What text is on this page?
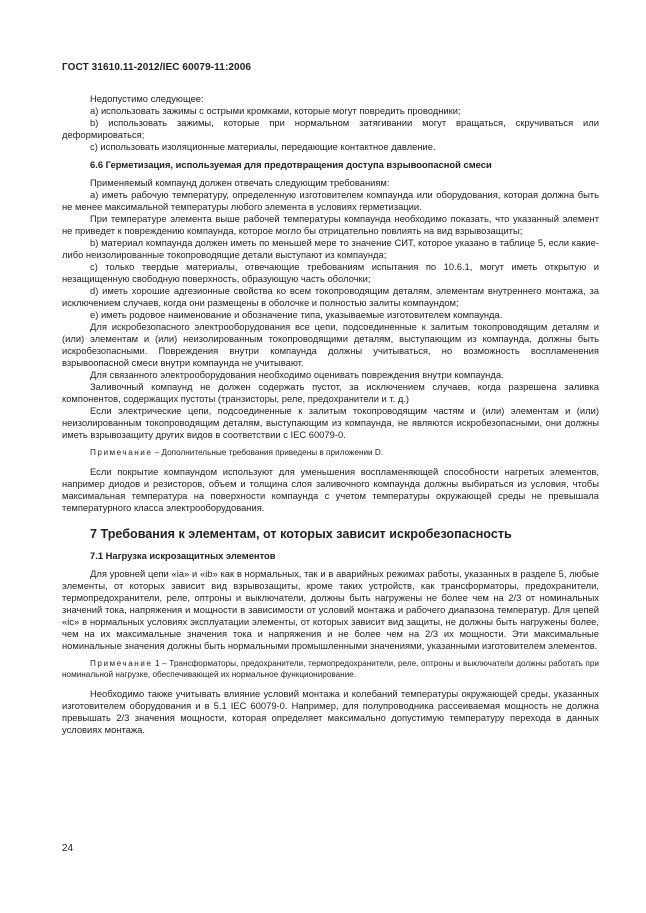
ГОСТ 31610.11-2012/IEC 60079-11:2006

Недопустимо следующее:

a) использовать зажимы с острыми кромками, которые могут повредить проводники;

b) использовать зажимы, которые при нормальном затягивании могут вращаться, скручиваться или деформироваться;

c) использовать изоляционные материалы, передающие контактное давление.

6.6 Герметизация, используемая для предотвращения доступа взрывоопасной смеси

Применяемый компаунд должен отвечать следующим требованиям:

а) иметь рабочую температуру, определенную изготовителем компаунда или оборудования, которая должна быть не менее максимальной температуры любого элемента в условиях герметизации.

При температуре элемента выше рабочей температуры компаунда необходимо показать, что указанный элемент не приведет к повреждению компаунда, которое могло бы отрицательно повлиять на вид взрывозащиты;

b) материал компаунда должен иметь по меньшей мере то значение СИТ, которое указано в таблице 5, если какие-либо неизолированные токопроводящие детали выступают из компаунда;

c) только твердые материалы, отвечающие требованиям испытания по 10.6.1, могут иметь открытую и незащищенную свободную поверхность, образующую часть оболочки;

d) иметь хорошие адгезионные свойства ко всем токопроводящим деталям, элементам внутреннего монтажа, за исключением случаев, когда они размещены в оболочке и полностью залиты компаундом;

e) иметь родовое наименование и обозначение типа, указываемые изготовителем компаунда.

Для искробезопасного электрооборудования все цепи, подсоединенные к залитым токопроводящим деталям и (или) элементам и (или) неизолированным токопроводящими деталям, выступающим из компаунда, должны быть искробезопасными. Повреждения внутри компаунда должны учитываться, но возможность воспламенения взрывоопасной смеси внутри компаунда не учитывают.

Для связанного электрооборудования необходимо оценивать повреждения внутри компаунда.

Заливочный компаунд не должен содержать пустот, за исключением случаев, когда разрешена заливка компонентов, содержащих пустоты (транзисторы, реле, предохранители и т. д.)

Если электрические цепи, подсоединенные к залитым токопроводящим частям и (или) элементам и (или) неизолированным токопроводящим деталям, выступающим из компаунда, не являются искробезопасными, они должны иметь взрывозащиту других видов в соответствии с IEC 60079-0.

Примечание – Дополнительные требования приведены в приложении D.

Если покрытие компаундом используют для уменьшения воспламеняющей способности нагретых элементов, например диодов и резисторов, объем и толщина слоя заливочного компаунда должны выбираться из условия, чтобы максимальная температура на поверхности компаунда с учетом температуры окружающей среды не превышала температурного класса электрооборудования.

7 Требования к элементам, от которых зависит искробезопасность

7.1 Нагрузка искрозащитных элементов

Для уровней цепи «ia» и «ib» как в нормальных, так и в аварийных режимах работы, указанных в разделе 5, любые элементы, от которых зависит вид взрывозащиты, кроме таких устройств, как трансформаторы, предохранители, термопредохранители, реле, оптроны и выключатели, должны быть нагружены не более чем на 2/3 от номинальных значений тока, напряжения и мощности в зависимости от условий монтажа и рабочего диапазона температур. Для цепей «ic» в нормальных условиях эксплуатации элементы, от которых зависит вид защиты, не должны быть нагружены более, чем на их максимальные значения тока и напряжения и не более чем на 2/3 их мощности. Эти максимальные номинальные значения должны быть нормальными промышленными значениями, указанными изготовителем элементов.

Примечание 1 – Трансформаторы, предохранители, термопредохранители, реле, оптроны и выключатели должны работать при номинальной нагрузке, обеспечивающей их нормальное функционирование.

Необходимо также учитывать влияние условий монтажа и колебаний температуры окружающей среды, указанных изготовителем оборудования и в 5.1 IEC 60079-0. Например, для полупроводника рассеиваемая мощность не должна превышать 2/3 значения мощности, которая определяет максимально допустимую температуру перехода в данных условиях монтажа.

24
